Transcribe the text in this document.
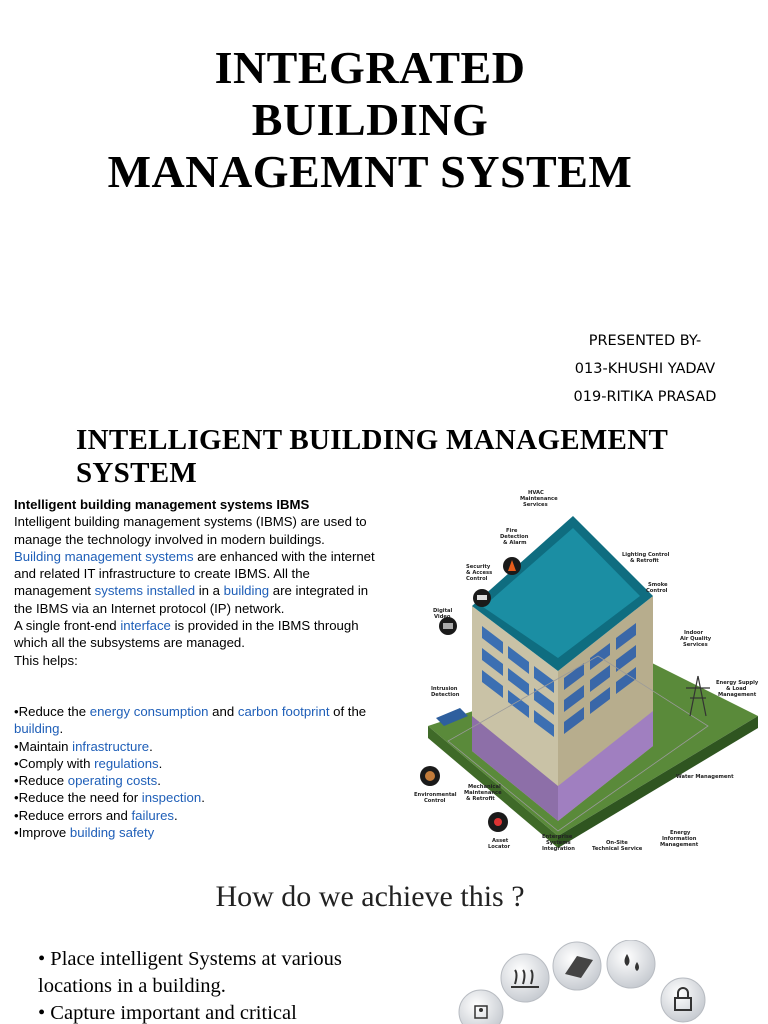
INTEGRATED
BUILDING
MANAGEMNT SYSTEM
PRESENTED BY-
013-KHUSHI YADAV
019-RITIKA PRASAD
INTELLIGENT BUILDING MANAGEMENT
SYSTEM
Intelligent building management systems IBMS
Intelligent building management systems (IBMS) are used to
manage the technology involved in modern buildings.
Building management systems are enhanced with the internet
and related IT infrastructure to create IBMS. All the
management systems installed in a building are integrated in
the IBMS via an Internet protocol (IP) network.
A single front-end interface is provided in the IBMS through
which all the subsystems are managed.
This helps:
•Reduce the energy consumption and carbon footprint of the
building.
•Maintain infrastructure.
•Comply with regulations.
•Reduce operating costs.
•Reduce the need for inspection.
•Reduce errors and failures.
•Improve building safety
HVAC
Maintenance
Services
Fire
Detection
& Alarm
Lighting Control
& Retrofit
Security
& Access
Control
Smoke
Control
Digital
Video
Indoor
Air Quality
Services
Energy Supply
& Load
Management
Intrusion
Detection
Water Management
Environmental
Control
Mechanical
Maintenance
& Retrofit
Asset
Locator
Enterprise
Systems
Integration
On-Site
Technical Service
Energy
Information
Management
How do we achieve this ?
• Place intelligent Systems at various
locations in a building.
• Capture important and critical
